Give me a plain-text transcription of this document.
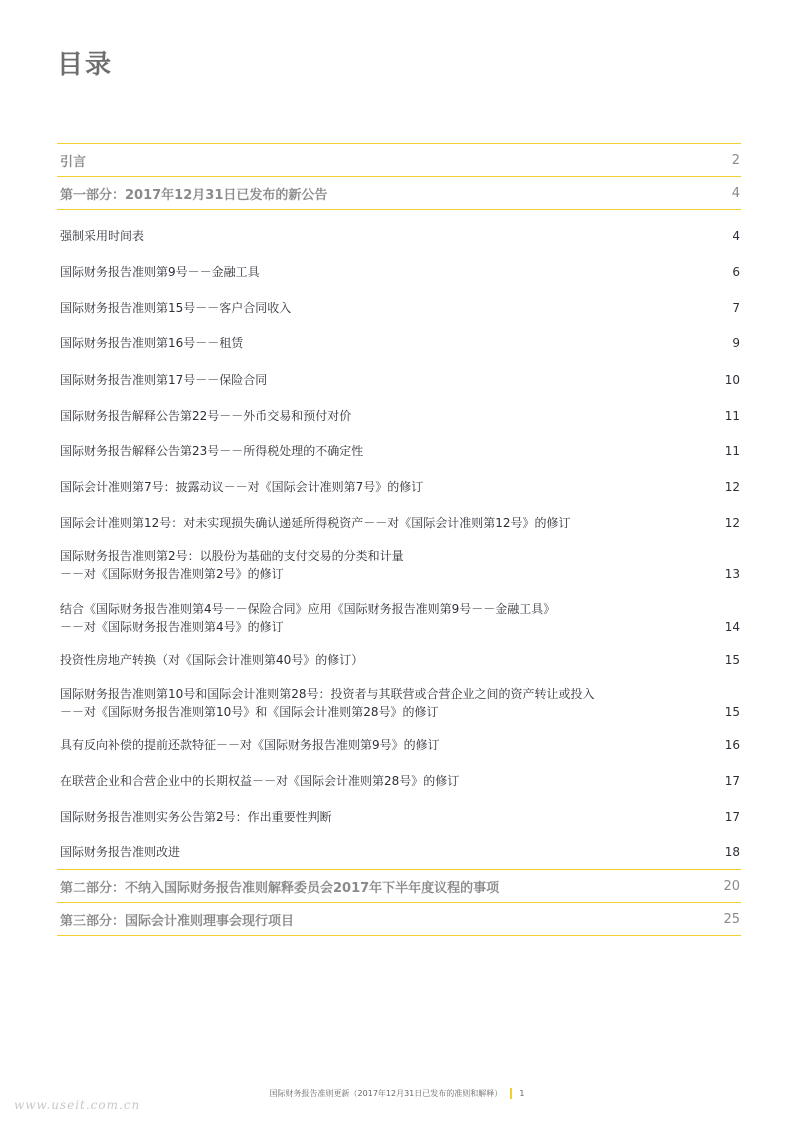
目录
引言	2
第一部分：2017年12月31日已发布的新公告	4
强制采用时间表	4
国际财务报告准则第9号－－金融工具	6
国际财务报告准则第15号－－客户合同收入	7
国际财务报告准则第16号－－租赁	9
国际财务报告准则第17号－－保险合同	10
国际财务报告解释公告第22号－－外币交易和预付对价	11
国际财务报告解释公告第23号－－所得税处理的不确定性	11
国际会计准则第7号：披露动议－－对《国际会计准则第7号》的修订	12
国际会计准则第12号：对未实现损失确认递延所得税资产－－对《国际会计准则第12号》的修订	12
国际财务报告准则第2号：以股份为基础的支付交易的分类和计量
－－对《国际财务报告准则第2号》的修订	13
结合《国际财务报告准则第4号－－保险合同》应用《国际财务报告准则第9号－－金融工具》
－－对《国际财务报告准则第4号》的修订	14
投资性房地产转换（对《国际会计准则第40号》的修订）	15
国际财务报告准则第10号和国际会计准则第28号：投资者与其联营或合营企业之间的资产转让或投入
－－对《国际财务报告准则第10号》和《国际会计准则第28号》的修订	15
具有反向补偿的提前还款特征－－对《国际财务报告准则第9号》的修订	16
在联营企业和合营企业中的长期权益－－对《国际会计准则第28号》的修订	17
国际财务报告准则实务公告第2号：作出重要性判断	17
国际财务报告准则改进	18
第二部分：不纳入国际财务报告准则解释委员会2017年下半年度议程的事项	20
第三部分：国际会计准则理事会现行项目	25
国际财务报告准则更新（2017年12月31日已发布的准则和解释） 1
www.useit.com.cn
